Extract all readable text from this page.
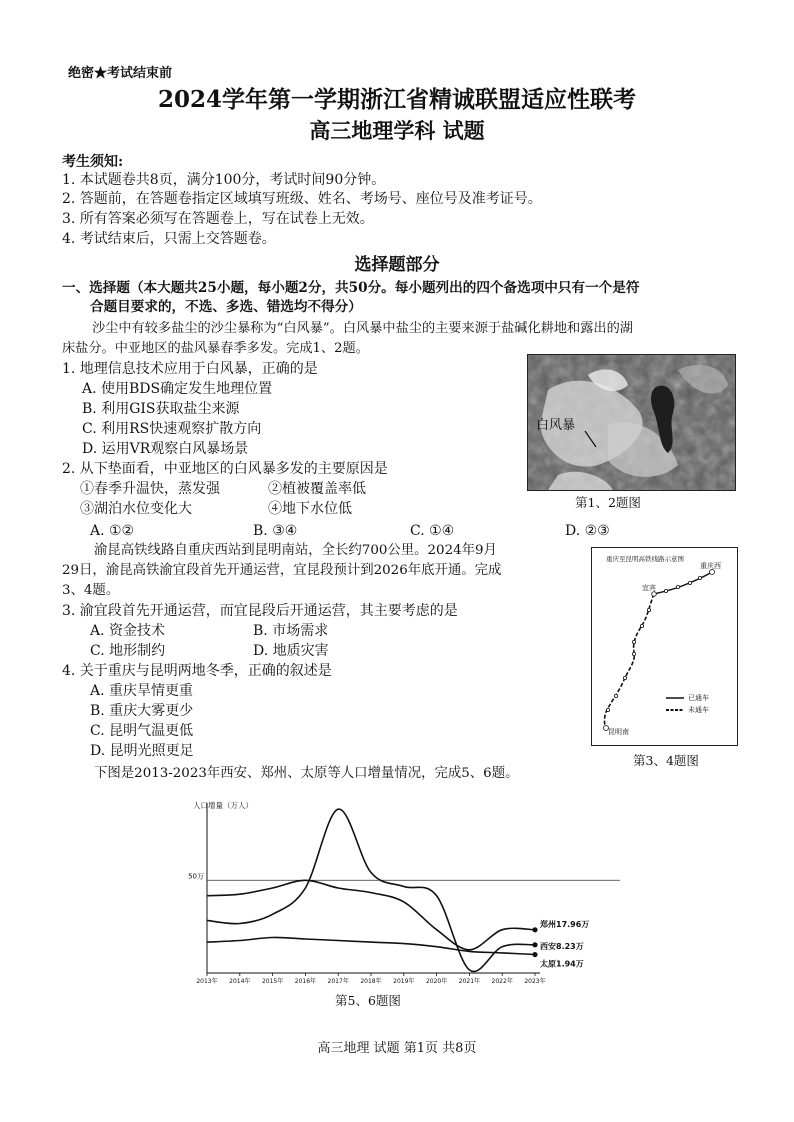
绝密★考试结束前
2024学年第一学期浙江省精诚联盟适应性联考
高三地理学科 试题
考生须知:
1. 本试题卷共8页，满分100分，考试时间90分钟。
2. 答题前，在答题卷指定区域填写班级、姓名、考场号、座位号及准考证号。
3. 所有答案必须写在答题卷上，写在试卷上无效。
4. 考试结束后，只需上交答题卷。
选择题部分
一、选择题（本大题共25小题，每小题2分，共50分。每小题列出的四个备选项中只有一个是符
合题目要求的，不选、多选、错选均不得分）
沙尘中有较多盐尘的沙尘暴称为“白风暴”。白风暴中盐尘的主要来源于盐碱化耕地和露出的湖
床盐分。中亚地区的盐风暴春季多发。完成1、2题。
1. 地理信息技术应用于白风暴，正确的是
A. 使用BDS确定发生地理位置
B. 利用GIS获取盐尘来源
C. 利用RS快速观察扩散方向
D. 运用VR观察白风暴场景
2. 从下垫面看，中亚地区的白风暴多发的主要原因是
①春季升温快，蒸发强	②植被覆盖率低
③湖泊水位变化大	④地下水位低
A. ①②	B. ③④	C. ①④	D. ②③
白风暴
第1、2题图
渝昆高铁线路自重庆西站到昆明南站，全长约700公里。2024年9月
29日，渝昆高铁渝宜段首先开通运营，宜昆段预计到2026年底开通。完成
3、4题。
3. 渝宜段首先开通运营，而宜昆段后开通运营，其主要考虑的是
A. 资金技术	B. 市场需求
C. 地形制约	D. 地质灾害
4. 关于重庆与昆明两地冬季，正确的叙述是
A. 重庆旱情更重
B. 重庆大雾更少
C. 昆明气温更低
D. 昆明光照更足
重庆至昆明高铁线路示意图
重庆西
宜宾
昆明南
已通车
未通车
第3、4题图
下图是2013-2023年西安、郑州、太原等人口增量情况，完成5、6题。
人口增量（万人）
50万
2013年 2014年 2015年 2016年 2017年 2018年 2019年 2020年 2021年 2022年 2023年
郑州17.96万
西安8.23万
太原1.94万
第5、6题图
高三地理 试题 第1页 共8页
